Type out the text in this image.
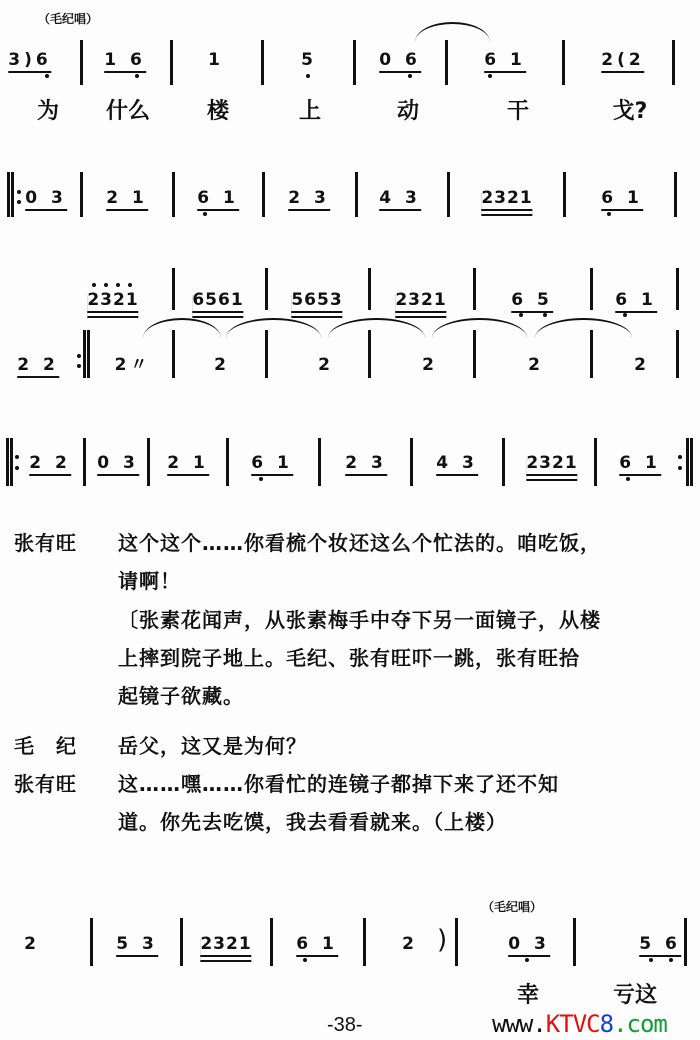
（毛纪唱）
3)6	1 6	1	5	0 6	6 1	2(2
为 什么	楼	上	动	干	戈?
0 3 2 1	6 1	2 3	4 3	2321	6 1
2321	6561	5653	2321	6 5	6 1
2 2	2〃	2	2	2	2	2
2 2 0 3 2 1 6 1	2 3	4 3	2321 6 1
张有旺 这个这个……你看梳个妆还这么个忙法的。咱吃饭，
请啊！
〔张素花闻声，从张素梅手中夺下另一面镜子，从楼
上摔到院子地上。毛纪、张有旺吓一跳，张有旺拾
起镜子欲藏。
毛　纪 岳父，这又是为何？
张有旺 这……嘿……你看忙的连镜子都掉下来了还不知
道。你先去吃馍，我去看看就来。（上楼）
（毛纪唱）
2	5 3	2321	6 1	2 )	0 3	5 6
幸	亏这
-38-	www.KTVC8.com
